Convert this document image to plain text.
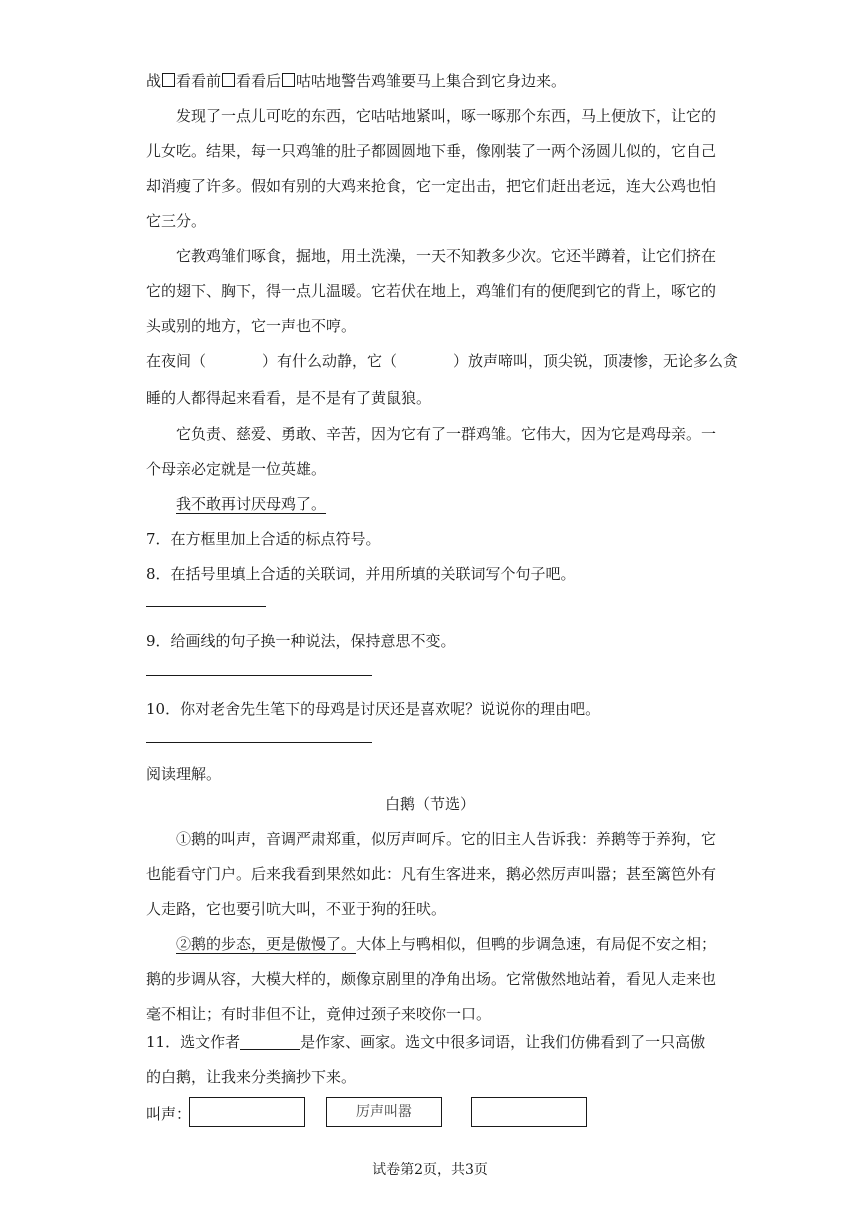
战 看看前 看看后 咕咕地警告鸡雏要马上集合到它身边来。
发现了一点儿可吃的东西，它咕咕地紧叫，啄一啄那个东西，马上便放下，让它的
儿女吃。结果，每一只鸡雏的肚子都圆圆地下垂，像刚装了一两个汤圆儿似的，它自己
却消瘦了许多。假如有别的大鸡来抢食，它一定出击，把它们赶出老远，连大公鸡也怕
它三分。
它教鸡雏们啄食，掘地，用土洗澡，一天不知教多少次。它还半蹲着，让它们挤在
它的翅下、胸下，得一点儿温暖。它若伏在地上，鸡雏们有的便爬到它的背上，啄它的
头或别的地方，它一声也不哼。
在夜间（	）有什么动静，它（	）放声啼叫，顶尖锐，顶凄惨，无论多么贪
睡的人都得起来看看，是不是有了黄鼠狼。
它负责、慈爱、勇敢、辛苦，因为它有了一群鸡雏。它伟大，因为它是鸡母亲。一
个母亲必定就是一位英雄。
我不敢再讨厌母鸡了。
7．在方框里加上合适的标点符号。
8．在括号里填上合适的关联词，并用所填的关联词写个句子吧。
9．给画线的句子换一种说法，保持意思不变。
10．你对老舍先生笔下的母鸡是讨厌还是喜欢呢？说说你的理由吧。
阅读理解。
白鹅（节选）
①鹅的叫声，音调严肃郑重，似厉声呵斥。它的旧主人告诉我：养鹅等于养狗，它
也能看守门户。后来我看到果然如此：凡有生客进来，鹅必然厉声叫嚣；甚至篱笆外有
人走路，它也要引吭大叫，不亚于狗的狂吠。
②鹅的步态，更是傲慢了。大体上与鸭相似，但鸭的步调急速，有局促不安之相；
鹅的步调从容，大模大样的，颇像京剧里的净角出场。它常傲然地站着，看见人走来也
毫不相让；有时非但不让，竟伸过颈子来咬你一口。
11．选文作者	是作家、画家。选文中很多词语，让我们仿佛看到了一只高傲
的白鹅，让我来分类摘抄下来。
叫声：	厉声叫嚣
试卷第2页，共3页
